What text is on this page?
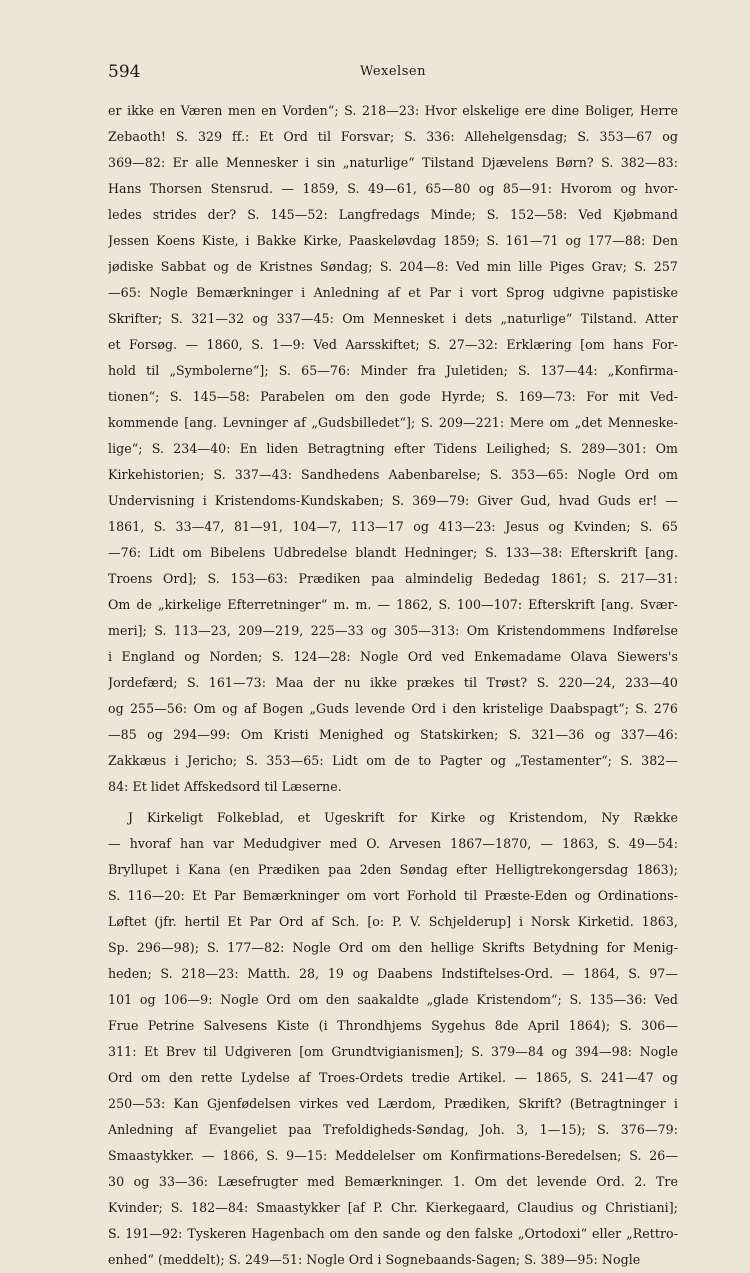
594	Wexelsen
er ikke en Væren men en Vorden“; S. 218—23: Hvor elskelige ere dine Boliger, Herre
Zebaoth! S. 329 ff.: Et Ord til Forsvar; S. 336: Allehelgensdag; S. 353—67 og
369—82: Er alle Mennesker i sin „naturlige“ Tilstand Djævelens Børn? S. 382—83:
Hans Thorsen Stensrud. — 1859, S. 49—61, 65—80 og 85—91: Hvorom og hvor-
ledes strides der? S. 145—52: Langfredags Minde; S. 152—58: Ved Kjøbmand
Jessen Koens Kiste, i Bakke Kirke, Paaskeløvdag 1859; S. 161—71 og 177—88: Den
jødiske Sabbat og de Kristnes Søndag; S. 204—8: Ved min lille Piges Grav; S. 257
—65: Nogle Bemærkninger i Anledning af et Par i vort Sprog udgivne papistiske
Skrifter; S. 321—32 og 337—45: Om Mennesket i dets „naturlige“ Tilstand. Atter
et Forsøg. — 1860, S. 1—9: Ved Aarsskiftet; S. 27—32: Erklæring [om hans For-
hold til „Symbolerne“]; S. 65—76: Minder fra Juletiden; S. 137—44: „Konfirma-
tionen“; S. 145—58: Parabelen om den gode Hyrde; S. 169—73: For mit Ved-
kommende [ang. Levninger af „Gudsbilledet“]; S. 209—221: Mere om „det Menneske-
lige“; S. 234—40: En liden Betragtning efter Tidens Leilighed; S. 289—301: Om
Kirkehistorien; S. 337—43: Sandhedens Aabenbarelse; S. 353—65: Nogle Ord om
Undervisning i Kristendoms-Kundskaben; S. 369—79: Giver Gud, hvad Guds er! —
1861, S. 33—47, 81—91, 104—7, 113—17 og 413—23: Jesus og Kvinden; S. 65
—76: Lidt om Bibelens Udbredelse blandt Hedninger; S. 133—38: Efterskrift [ang.
Troens Ord]; S. 153—63: Prædiken paa almindelig Bededag 1861; S. 217—31:
Om de „kirkelige Efterretninger“ m. m. — 1862, S. 100—107: Efterskrift [ang. Svær-
meri]; S. 113—23, 209—219, 225—33 og 305—313: Om Kristendommens Indførelse
i England og Norden; S. 124—28: Nogle Ord ved Enkemadame Olava Siewers's
Jordefærd; S. 161—73: Maa der nu ikke prækes til Trøst? S. 220—24, 233—40
og 255—56: Om og af Bogen „Guds levende Ord i den kristelige Daabspagt“; S. 276
—85 og 294—99: Om Kristi Menighed og Statskirken; S. 321—36 og 337—46:
Zakkæus i Jericho; S. 353—65: Lidt om de to Pagter og „Testamenter“; S. 382—
84: Et lidet Affskedsord til Læserne.
J Kirkeligt Folkeblad, et Ugeskrift for Kirke og Kristendom, Ny Række
— hvoraf han var Medudgiver med O. Arvesen 1867—1870, — 1863, S. 49—54:
Bryllupet i Kana (en Prædiken paa 2den Søndag efter Helligtrekongersdag 1863);
S. 116—20: Et Par Bemærkninger om vort Forhold til Præste-Eden og Ordinations-
Løftet (jfr. hertil Et Par Ord af Sch. [o: P. V. Schjelderup] i Norsk Kirketid. 1863,
Sp. 296—98); S. 177—82: Nogle Ord om den hellige Skrifts Betydning for Menig-
heden; S. 218—23: Matth. 28, 19 og Daabens Indstiftelses-Ord. — 1864, S. 97—
101 og 106—9: Nogle Ord om den saakaldte „glade Kristendom“; S. 135—36: Ved
Frue Petrine Salvesens Kiste (i Throndhjems Sygehus 8de April 1864); S. 306—
311: Et Brev til Udgiveren [om Grundtvigianismen]; S. 379—84 og 394—98: Nogle
Ord om den rette Lydelse af Troes-Ordets tredie Artikel. — 1865, S. 241—47 og
250—53: Kan Gjenfødelsen virkes ved Lærdom, Prædiken, Skrift? (Betragtninger i
Anledning af Evangeliet paa Trefoldigheds-Søndag, Joh. 3, 1—15); S. 376—79:
Smaastykker. — 1866, S. 9—15: Meddelelser om Konfirmations-Beredelsen; S. 26—
30 og 33—36: Læsefrugter med Bemærkninger. 1. Om det levende Ord. 2. Tre
Kvinder; S. 182—84: Smaastykker [af P. Chr. Kierkegaard, Claudius og Christiani];
S. 191—92: Tyskeren Hagenbach om den sande og den falske „Ortodoxi“ eller „Rettro-
enhed“ (meddelt); S. 249—51: Nogle Ord i Sognebaands-Sagen; S. 389—95: Nogle
